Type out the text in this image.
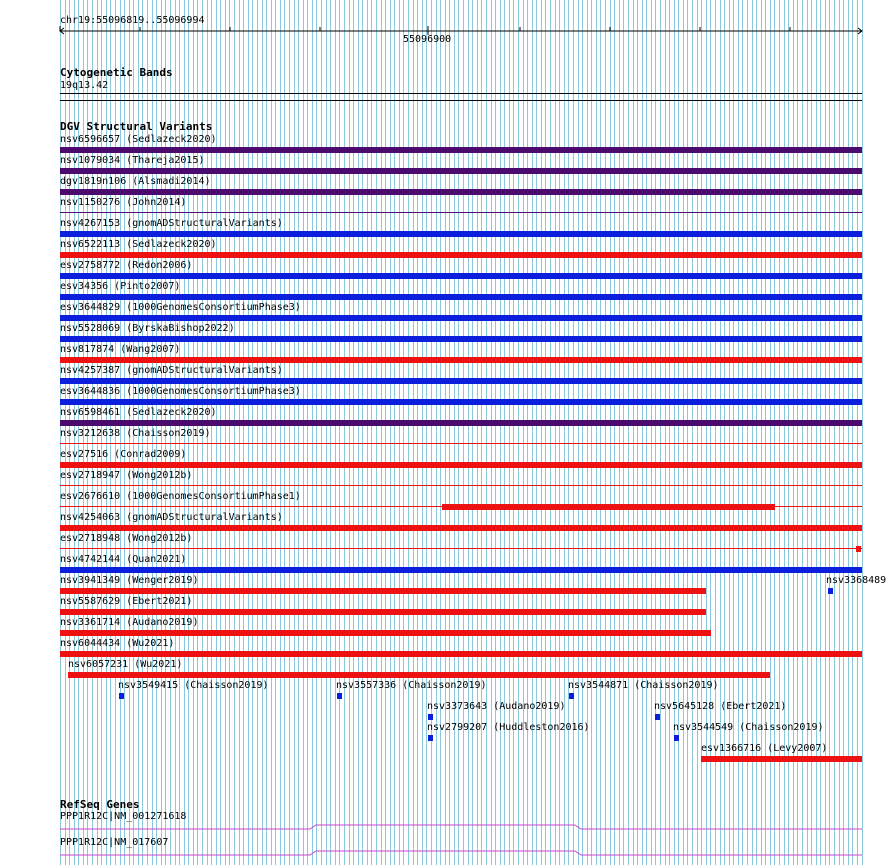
chr19:55096819..55096994
55096900
Cytogenetic Bands
19q13.42
DGV Structural Variants
nsv6596657 (Sedlazeck2020)
nsv1079034 (Thareja2015)
dgv1819n106 (Alsmadi2014)
nsv1150276 (John2014)
nsv4267153 (gnomADStructuralVariants)
nsv6522113 (Sedlazeck2020)
esv2758772 (Redon2006)
esv34356 (Pinto2007)
esv3644829 (1000GenomesConsortiumPhase3)
nsv5528069 (ByrskaBishop2022)
nsv817874 (Wang2007)
nsv4257387 (gnomADStructuralVariants)
esv3644836 (1000GenomesConsortiumPhase3)
nsv6598461 (Sedlazeck2020)
nsv3212638 (Chaisson2019)
esv27516 (Conrad2009)
esv2718947 (Wong2012b)
esv2676610 (1000GenomesConsortiumPhase1)
nsv4254063 (gnomADStructuralVariants)
esv2718948 (Wong2012b)
nsv4742144 (Quan2021)
nsv3941349 (Wenger2019)	nsv3368489
nsv5587629 (Ebert2021)
nsv3361714 (Audano2019)
nsv6044434 (Wu2021)
nsv6057231 (Wu2021)
nsv3549415 (Chaisson2019)	nsv3557336 (Chaisson2019)	nsv3544871 (Chaisson2019)
nsv3373643 (Audano2019)	nsv5645128 (Ebert2021)
nsv2799207 (Huddleston2016)	nsv3544549 (Chaisson2019)
esv1366716 (Levy2007)
RefSeq Genes
PPP1R12C|NM_001271618
PPP1R12C|NM_017607
